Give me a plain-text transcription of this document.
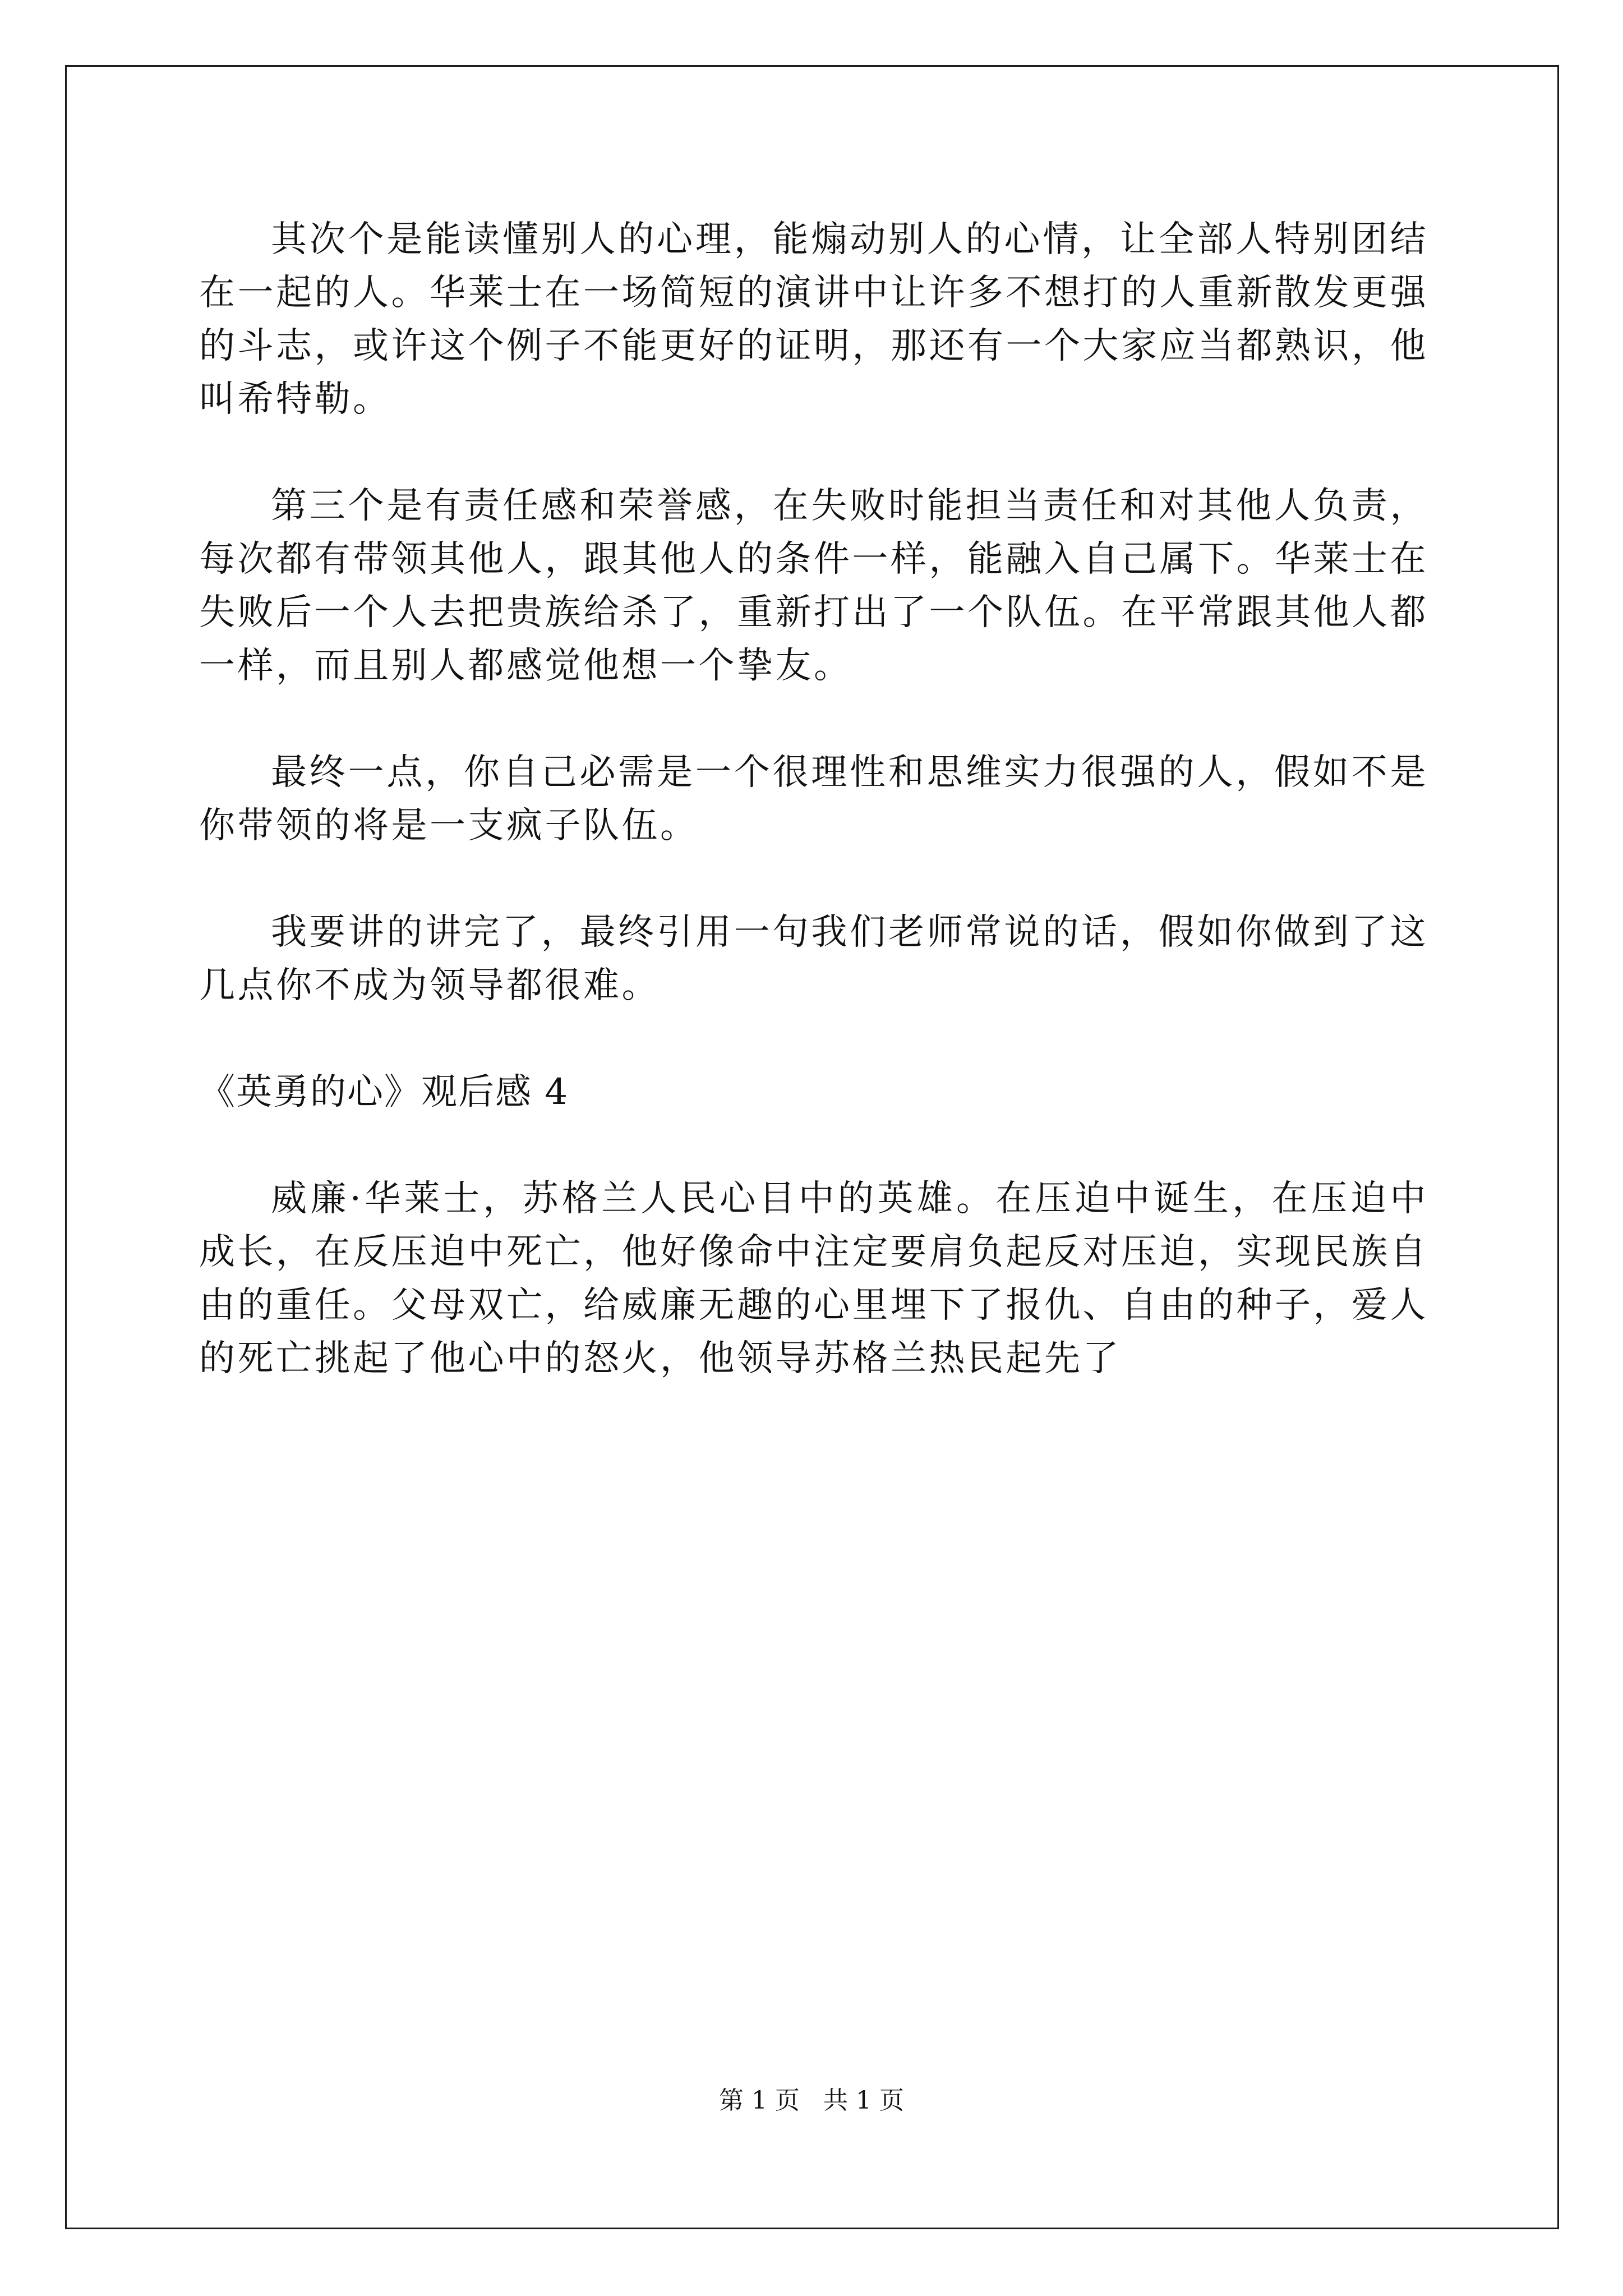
其次个是能读懂别人的心理，能煽动别人的心情，让全部人特别团结在一起的人。华莱士在一场简短的演讲中让许多不想打的人重新散发更强的斗志，或许这个例子不能更好的证明，那还有一个大家应当都熟识，他叫希特勒。

第三个是有责任感和荣誉感，在失败时能担当责任和对其他人负责，每次都有带领其他人，跟其他人的条件一样，能融入自己属下。华莱士在失败后一个人去把贵族给杀了，重新打出了一个队伍。在平常跟其他人都一样，而且别人都感觉他想一个挚友。

最终一点，你自己必需是一个很理性和思维实力很强的人，假如不是你带领的将是一支疯子队伍。

我要讲的讲完了，最终引用一句我们老师常说的话，假如你做到了这几点你不成为领导都很难。

《英勇的心》观后感 4

威廉·华莱士，苏格兰人民心目中的英雄。在压迫中诞生，在压迫中成长，在反压迫中死亡，他好像命中注定要肩负起反对压迫，实现民族自由的重任。父母双亡，给威廉无趣的心里埋下了报仇、自由的种子，爱人的死亡挑起了他心中的怒火，他领导苏格兰热民起先了

第 1 页 共 1 页
